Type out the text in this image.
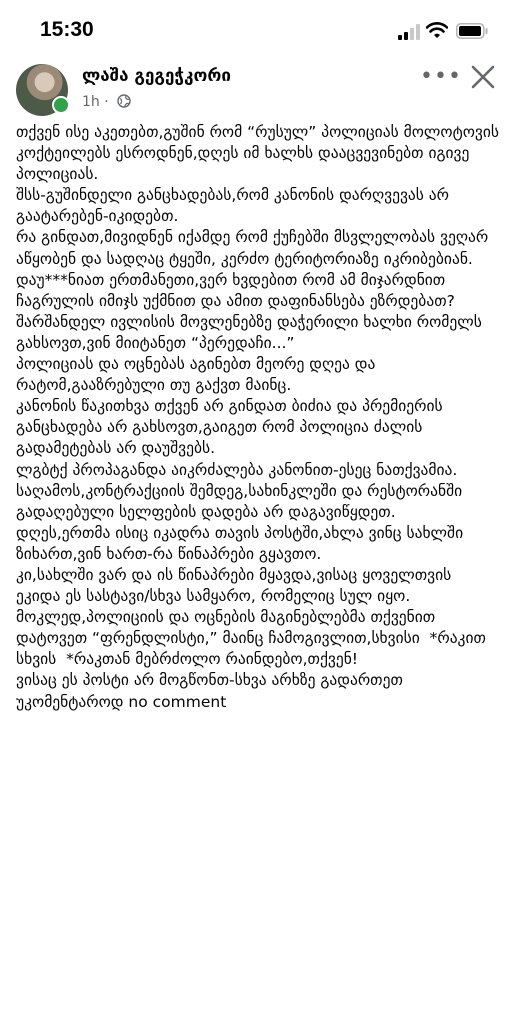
15:30
ლაშა გეგეჭკორი
1h ·
•••
თქვენ ისე აკეთებთ,გუშინ რომ “რუსულ” პოლიციას მოლოტოვის კოქტეილებს ესროდნენ,დღეს იმ ხალხს დააცვევინებთ იგივე პოლიციას.
შსს-გუშინდელი განცხადებას,რომ კანონის დარღვევას არ გაატარებენ-იკიდებთ.
რა გინდათ,მივიდნენ იქამდე რომ ქუჩებში მსვლელობას ვეღარ აწყობენ და სადღაც ტყეში, კერძო ტერიტორიაზე იკრიბებიან.
დაუ***ნიათ ერთმანეთი,ვერ ხვდებით რომ ამ მიჯარდნით ჩაგრულის იმიჯს უქმნით და ამით დაფინანსება ეზრდებათ?
შარშანდელ ივლისის მოვლენებზე დაჭერილი ხალხი რომელს გახსოვთ,ვინ მიიტანეთ “პერედაჩი...”
პოლიციას და ოცნებას აგინებთ მეორე დღეა და რატომ,გააზრებული თუ გაქვთ მაინც.
კანონის წაკითხვა თქვენ არ გინდათ ბიძია და პრემიერის განცხადება არ გახსოვთ,გაიგეთ რომ პოლიცია ძალის გადამეტებას არ დაუშვებს.
ლგბტქ პროპაგანდა აიკრძალება კანონით-ესეც ნათქვამია.
საღამოს,კონტრაქციის შემდეგ,სახინკლეში და რესტორანში გადაღებული სელფების დადება არ დაგავიწყდეთ.
დღეს,ერთმა ისიც იკადრა თავის პოსტში,ახლა ვინც სახლში ზიხართ,ვინ ხართ-რა წინაპრები გყავთო.
კი,სახლში ვარ და ის წინაპრები მყავდა,ვისაც ყოველთვის ეკიდა ეს სასტავი/სხვა სამყარო, რომელიც სულ იყო.
მოკლედ,პოლიციის და ოცნების მაგინებლებმა თქვენით დატოვეთ “ფრენდლისტი,” მაინც ჩამოგივლით,სხვისი  *რაკით სხვის  *რაკთან მებრძოლო რაინდებო,თქვენ!
ვისაც ეს პოსტი არ მოგწონთ-სხვა არხზე გადართეთ
უკომენტაროდ no comment
